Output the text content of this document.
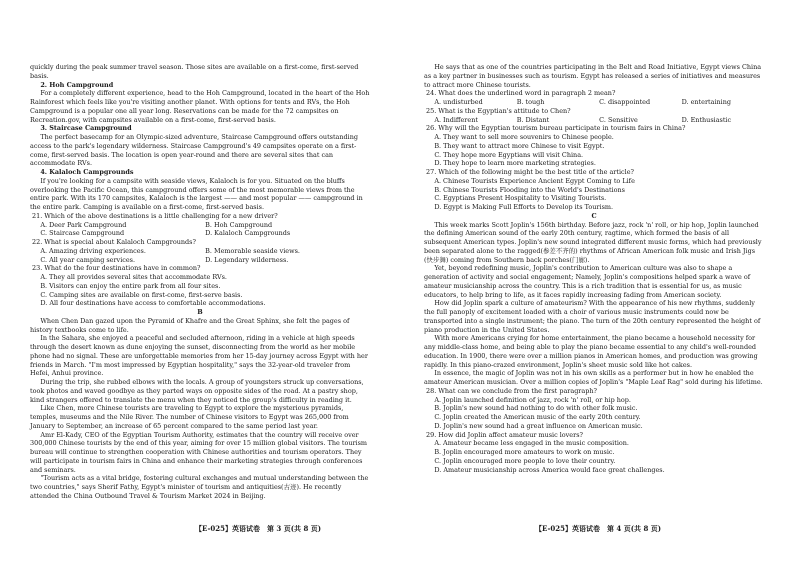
quickly during the peak summer travel season. Those sites are available on a first-come, first-served basis.

2. Hoh Campground

For a completely different experience, head to the Hoh Campground, located in the heart of the Hoh Rainforest which feels like you're visiting another planet. With options for tents and RVs, the Hoh Campground is a popular one all year long. Reservations can be made for the 72 campsites on Recreation.gov, with campsites available on a first-come, first-served basis.

3. Staircase Campground

The perfect basecamp for an Olympic-sized adventure, Staircase Campground offers outstanding access to the park's legendary wilderness. Staircase Campground's 49 campsites operate on a first-come, first-served basis. The location is open year-round and there are several sites that can accommodate RVs.

4. Kalaloch Campgrounds

If you're looking for a campsite with seaside views, Kalaloch is for you. Situated on the bluffs overlooking the Pacific Ocean, this campground offers some of the most memorable views from the entire park. With its 170 campsites, Kalaloch is the largest —— and most popular —— campground in the entire park. Camping is available on a first-come, first-served basis.

21. Which of the above destinations is a little challenging for a new driver?

A. Deer Park Campground	B. Hoh Campground
C. Staircase Campground	D. Kalaloch Campgrounds

22. What is special about Kalaloch Campgrounds?

A. Amazing driving experiences.	B. Memorable seaside views.
C. All year camping services.	D. Legendary wilderness.

23. What do the four destinations have in common?

A. They all provides several sites that accommodate RVs.

B. Visitors can enjoy the entire park from all four sites.

C. Camping sites are available on first-come, first-serve basis.

D. All four destinations have access to comfortable accommodations.

B

When Chen Dan gazed upon the Pyramid of Khafre and the Great Sphinx, she felt the pages of history textbooks come to life.

In the Sahara, she enjoyed a peaceful and secluded afternoon, riding in a vehicle at high speeds through the desert known as dune enjoying the sunset, disconnecting from the world as her mobile phone had no signal. These are unforgettable memories from her 15-day journey across Egypt with her friends in March. "I'm most impressed by Egyptian hospitality," says the 32-year-old traveler from Hefei, Anhui province.

During the trip, she rubbed elbows with the locals. A group of youngsters struck up conversations, took photos and waved goodbye as they parted ways on opposite sides of the road. At a pastry shop, kind strangers offered to translate the menu when they noticed the group's difficulty in reading it.

Like Chen, more Chinese tourists are traveling to Egypt to explore the mysterious pyramids, temples, museums and the Nile River. The number of Chinese visitors to Egypt was 265,000 from January to September, an increase of 65 percent compared to the same period last year.

Amr El-Kady, CEO of the Egyptian Tourism Authority, estimates that the country will receive over 300,000 Chinese tourists by the end of this year, aiming for over 15 million global visitors. The tourism bureau will continue to strengthen cooperation with Chinese authorities and tourism operators. They will participate in tourism fairs in China and enhance their marketing strategies through conferences and seminars.

"Tourism acts as a vital bridge, fostering cultural exchanges and mutual understanding between the two countries," says Sherif Fathy, Egypt's minister of tourism and antiquities(古迹). He recently attended the China Outbound Travel & Tourism Market 2024 in Beijing.

He says that as one of the countries participating in the Belt and Road Initiative, Egypt views China as a key partner in businesses such as tourism. Egypt has released a series of initiatives and measures to attract more Chinese tourists.

24. What does the underlined word in paragraph 2 mean?

A. undisturbed	B. tough	C. disappointed	D. entertaining

25. What is the Egyptian's attitude to Chen?

A. Indifferent	B. Distant	C. Sensitive	D. Enthusiastic

26. Why will the Egyptian tourism bureau participate in tourism fairs in China?

A. They want to sell more souvenirs to Chinese people.

B. They want to attract more Chinese to visit Egypt.

C. They hope more Egyptians will visit China.

D. They hope to learn more marketing strategies.

27. Which of the following might be the best title of the article?

A. Chinese Tourists Experience Ancient Egypt Coming to Life

B. Chinese Tourists Flooding into the World's Destinations

C. Egyptians Present Hospitality to Visiting Tourists.

D. Egypt is Making Full Efforts to Develop its Tourism.

C

This week marks Scott Joplin's 156th birthday. Before jazz, rock 'n' roll, or hip hop, Joplin launched the defining American sound of the early 20th century, ragtime, which formed the basis of all subsequent American types. Joplin's new sound integrated different music forms, which had previously been separated alone to the ragged(参差不齐的) rhythms of African American folk music and Irish Jigs (快步舞) coming from Southern back porches(门廊).

Yet, beyond redefining music, Joplin's contribution to American culture was also to shape a generation of activity and social engagement; Namely, Joplin's compositions helped spark a wave of amateur musicianship across the country. This is a rich tradition that is essential for us, as music educators, to help bring to life, as it faces rapidly increasing fading from American society.

How did Joplin spark a culture of amateurism? With the appearance of his new rhythms, suddenly the full panoply of excitement loaded with a choir of various music instruments could now be transported into a single instrument; the piano. The turn of the 20th century represented the height of piano production in the United States.

With more Americans crying for home entertainment, the piano became a household necessity for any middle-class home, and being able to play the piano became essential to any child's well-rounded education. In 1900, there were over a million pianos in American homes, and production was growing rapidly. In this piano-crazed environment, Joplin's sheet music sold like hot cakes.

In essence, the magic of Joplin was not in his own skills as a performer but in how he enabled the amateur American musician. Over a million copies of Joplin's "Maple Leaf Rag" sold during his lifetime.

28. What can we conclude from the first paragraph?

A. Joplin launched definition of jazz, rock 'n' roll, or hip hop.

B. Joplin's new sound had nothing to do with other folk music.

C. Joplin created the American music of the early 20th century.

D. Joplin's new sound had a great influence on American music.

29. How did Joplin affect amateur music lovers?

A. Amateur became less engaged in the music composition.

B. Joplin encouraged more amateurs to work on music.

C. Joplin encouraged more people to love their country.

D. Amateur musicianship across America would face great challenges.

【E-025】英语试卷　第 3 页(共 8 页)	【E-025】英语试卷　第 4 页(共 8 页)
